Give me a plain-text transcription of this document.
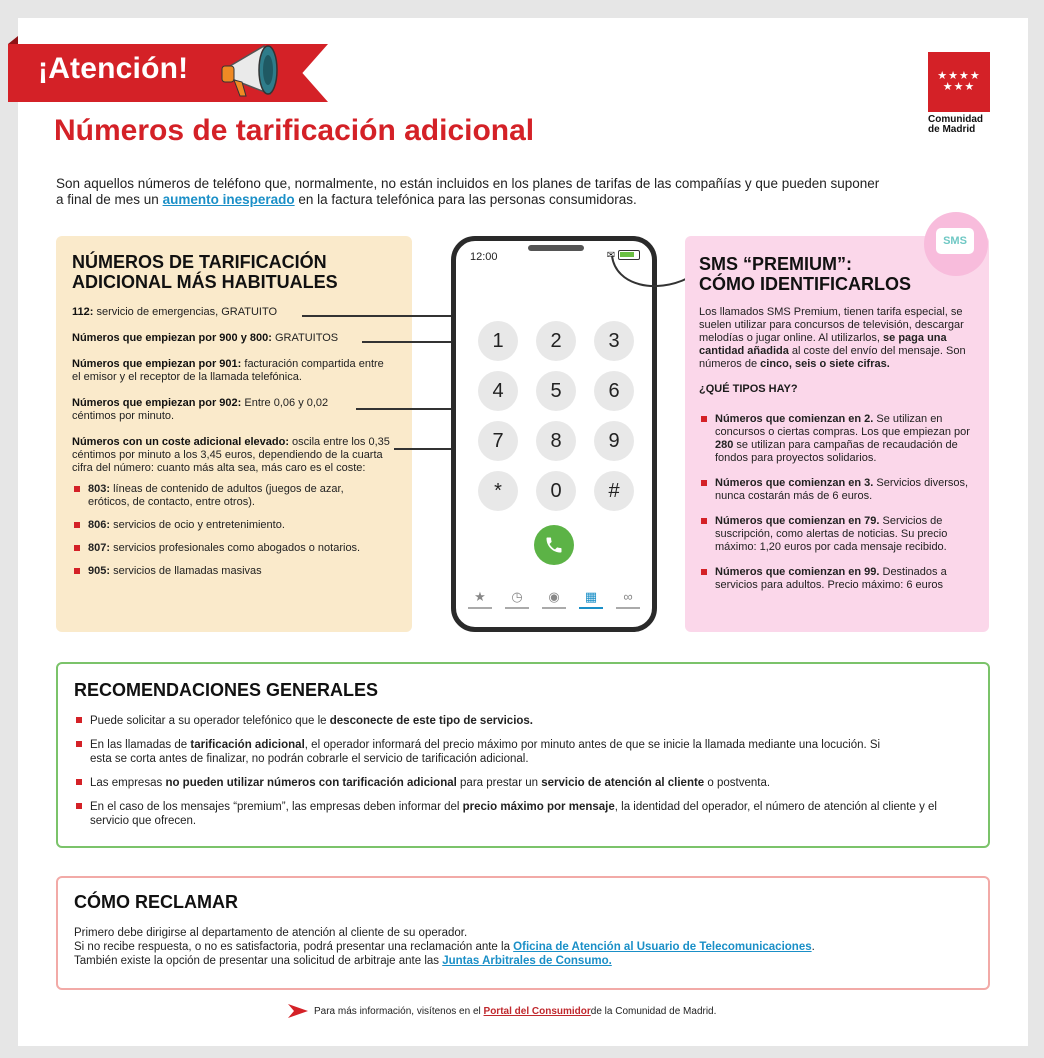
¡Atención!	★★★★
★★★
Comunidad
de Madrid
Números de tarificación adicional

Son aquellos números de teléfono que, normalmente, no están incluidos en los planes de tarifas de las compañías y que pueden suponer a final de mes un aumento inesperado en la factura telefónica para las personas consumidoras.

NÚMEROS DE TARIFICACIÓN
ADICIONAL MÁS HABITUALES
112: servicio de emergencias, GRATUITO
Números que empiezan por 900 y 800: GRATUITOS
Números que empiezan por 901: facturación compartida entre el emisor y el receptor de la llamada telefónica.
Números que empiezan por 902: Entre 0,06 y 0,02 céntimos por minuto.
Números con un coste adicional elevado: oscila entre los 0,35 céntimos por minuto a los 3,45 euros, dependiendo de la cuarta cifra del número: cuanto más alta sea, más caro es el coste:
803: líneas de contenido de adultos (juegos de azar, eróticos, de contacto, entre otros).
806: servicios de ocio y entretenimiento.
807: servicios profesionales como abogados o notarios.
905: servicios de llamadas masivas
12:00	✉
1	2	3
4	5	6
7	8	9
*	0	#
★	◷	◉	▦	∞
SMS “PREMIUM”:
CÓMO IDENTIFICARLOS
Los llamados SMS Premium, tienen tarifa especial, se suelen utilizar para concursos de televisión, descargar melodías o jugar online. Al utilizarlos, se paga una cantidad añadida al coste del envío del mensaje. Son números de cinco, seis o siete cifras.
¿QUÉ TIPOS HAY?
Números que comienzan en 2. Se utilizan en concursos o ciertas compras. Los que empiezan por 280 se utilizan para campañas de recaudación de fondos para proyectos solidarios.
Números que comienzan en 3. Servicios diversos, nunca costarán más de 6 euros.
Números que comienzan en 79. Servicios de suscripción, como alertas de noticias. Su precio máximo: 1,20 euros por cada mensaje recibido.
Números que comienzan en 99. Destinados a servicios para adultos. Precio máximo: 6 euros
SMS
RECOMENDACIONES GENERALES
Puede solicitar a su operador telefónico que le desconecte de este tipo de servicios.
En las llamadas de tarificación adicional, el operador informará del precio máximo por minuto antes de que se inicie la llamada mediante una locución. Si esta se corta antes de finalizar, no podrán cobrarle el servicio de tarificación adicional.
Las empresas no pueden utilizar números con tarificación adicional para prestar un servicio de atención al cliente o postventa.
En el caso de los mensajes “premium”, las empresas deben informar del precio máximo por mensaje, la identidad del operador, el número de atención al cliente y el servicio que ofrecen.
CÓMO RECLAMAR
Primero debe dirigirse al departamento de atención al cliente de su operador.
Si no recibe respuesta, o no es satisfactoria, podrá presentar una reclamación ante la Oficina de Atención al Usuario de Telecomunicaciones.
También existe la opción de presentar una solicitud de arbitraje ante las Juntas Arbitrales de Consumo.
Para más información, visítenos en el
Portal del Consumidor de la Comunidad de Madrid.
